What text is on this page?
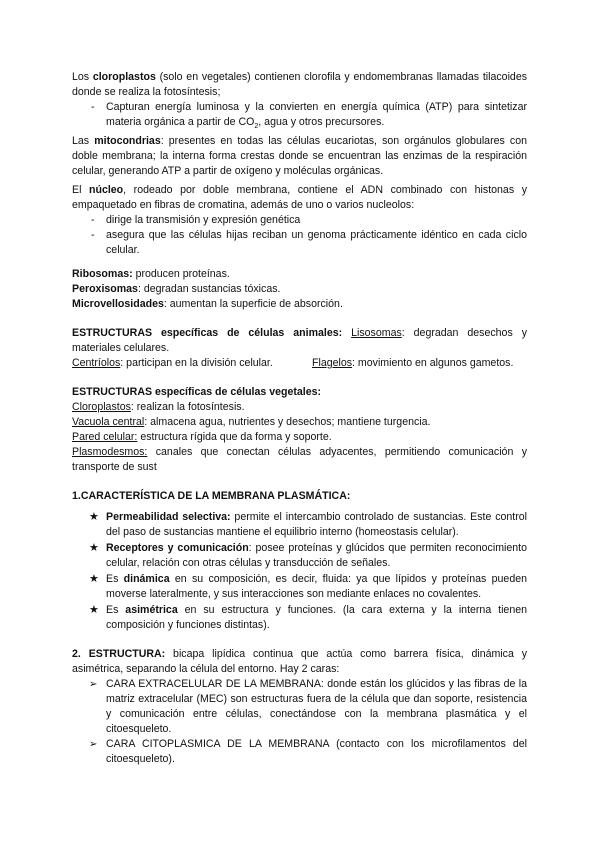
Los cloroplastos (solo en vegetales) contienen clorofila y endomembranas llamadas tilacoides donde se realiza la fotosíntesis;

- Capturan energía luminosa y la convierten en energía química (ATP) para sintetizar materia orgánica a partir de $CO_2$, agua y otros precursores.

Las mitocondrias: presentes en todas las células eucariotas, son orgánulos globulares con doble membrana; la interna forma crestas donde se encuentran las enzimas de la respiración celular, generando ATP a partir de oxígeno y moléculas orgánicas.

El núcleo, rodeado por doble membrana, contiene el ADN combinado con histonas y empaquetado en fibras de cromatina, además de uno o varios nucleolos:

- dirige la transmisión y expresión genética
- asegura que las células hijas reciban un genoma prácticamente idéntico en cada ciclo celular.

Ribosomas: producen proteínas.

Peroxisomas: degradan sustancias tóxicas.

Microvellosidades: aumentan la superficie de absorción.

ESTRUCTURAS específicas de células animales: Lisosomas: degradan desechos y materiales celulares.

Centríolos: participan en la división celular.	Flagelos: movimiento en algunos gametos.

ESTRUCTURAS específicas de células vegetales:

Cloroplastos: realizan la fotosíntesis.

Vacuola central: almacena agua, nutrientes y desechos; mantiene turgencia.

Pared celular: estructura rígida que da forma y soporte.

Plasmodesmos: canales que conectan células adyacentes, permitiendo comunicación y transporte de sust

1.CARACTERÍSTICA DE LA MEMBRANA PLASMÁTICA:

★ Permeabilidad selectiva: permite el intercambio controlado de sustancias. Este control del paso de sustancias mantiene el equilibrio interno (homeostasis celular).
★ Receptores y comunicación: posee proteínas y glúcidos que permiten reconocimiento celular, relación con otras células y transducción de señales.
★ Es dinámica en su composición, es decir, fluida: ya que lípidos y proteínas pueden moverse lateralmente, y sus interacciones son mediante enlaces no covalentes.
★ Es asimétrica en su estructura y funciones. (la cara externa y la interna tienen composición y funciones distintas).

2. ESTRUCTURA: bicapa lipídica continua que actúa como barrera física, dinámica y asimétrica, separando la célula del entorno. Hay 2 caras:

➢ CARA EXTRACELULAR DE LA MEMBRANA: donde están los glúcidos y las fibras de la matriz extracelular (MEC) son estructuras fuera de la célula que dan soporte, resistencia y comunicación entre células, conectándose con la membrana plasmática y el citoesqueleto.
➢ CARA CITOPLASMICA DE LA MEMBRANA (contacto con los microfilamentos del citoesqueleto).
